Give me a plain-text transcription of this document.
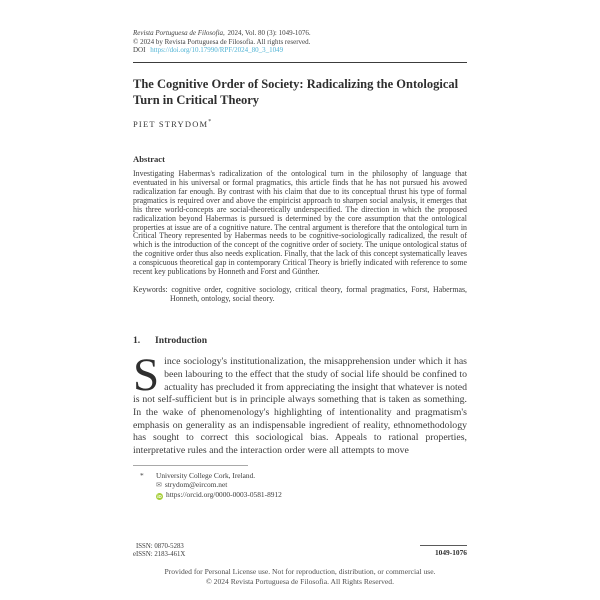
Revista Portuguesa de Filosofia, 2024, Vol. 80 (3): 1049-1076.
© 2024 by Revista Portuguesa de Filosofia. All rights reserved.
DOI https://doi.org/10.17990/RPF/2024_80_3_1049
The Cognitive Order of Society: Radicalizing the Ontological Turn in Critical Theory
PIET STRYDOM*
Abstract

Investigating Habermas's radicalization of the ontological turn in the philosophy of language that eventuated in his universal or formal pragmatics, this article finds that he has not pursued his avowed radicalization far enough. By contrast with his claim that due to its conceptual thrust his type of formal pragmatics is required over and above the empiricist approach to sharpen social analysis, it emerges that his three world-concepts are social-theoretically underspecified. The direction in which the proposed radicalization beyond Habermas is pursued is determined by the core assumption that the ontological properties at issue are of a cognitive nature. The central argument is therefore that the ontological turn in Critical Theory represented by Habermas needs to be cognitive-sociologically radicalized, the result of which is the introduction of the concept of the cognitive order of society. The unique ontological status of the cognitive order thus also needs explication. Finally, that the lack of this concept systematically leaves a conspicuous theoretical gap in contemporary Critical Theory is briefly indicated with reference to some recent key publications by Honneth and Forst and Günther.

Keywords: cognitive order, cognitive sociology, critical theory, formal pragmatics, Forst, Habermas, Honneth, ontology, social theory.

1. Introduction

Since sociology's institutionalization, the misapprehension under which it has been labouring to the effect that the study of social life should be confined to actuality has precluded it from appreciating the insight that whatever is noted is not self-sufficient but is in principle always something that is taken as something. In the wake of phenomenology's highlighting of intentionality and pragmatism's emphasis on generality as an indispensable ingredient of reality, ethnomethodology has sought to correct this sociological bias. Appeals to rational properties, interpretative rules and the interaction order were all attempts to move

*	University College Cork, Ireland.
✉ strydom@eircom.net
iD https://orcid.org/0000-0003-0581-8912
ISSN: 0870-5283
eISSN: 2183-461X	1049-1076
Provided for Personal License use. Not for reproduction, distribution, or commercial use.
© 2024 Revista Portuguesa de Filosofia. All Rights Reserved.
